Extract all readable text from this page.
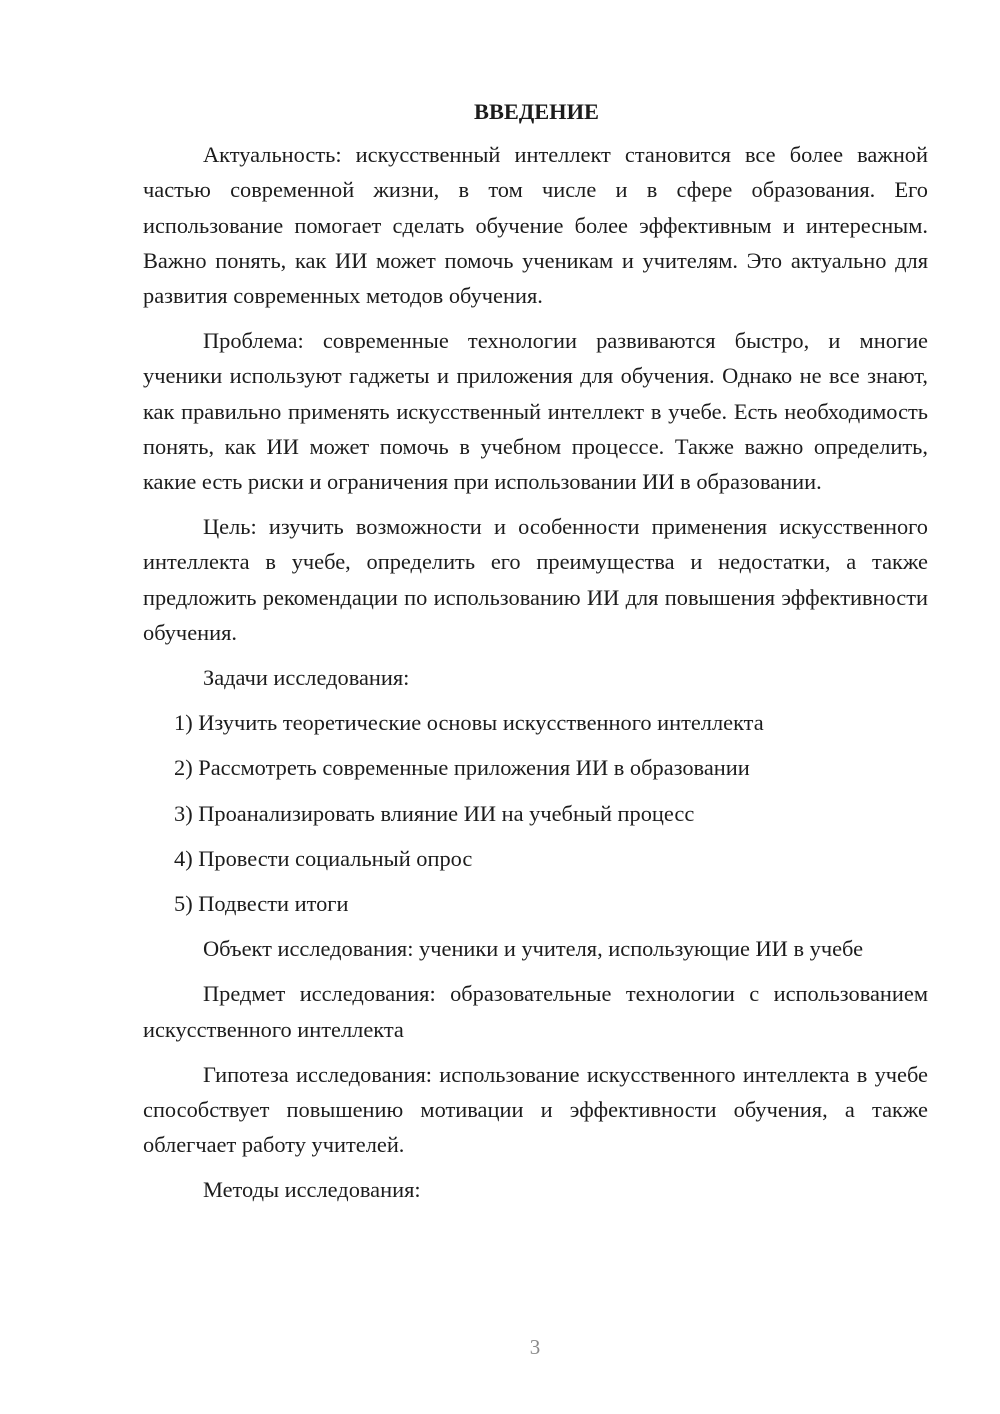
ВВЕДЕНИЕ

Актуальность: искусственный интеллект становится все более важной частью современной жизни, в том числе и в сфере образования. Его использование помогает сделать обучение более эффективным и интересным. Важно понять, как ИИ может помочь ученикам и учителям. Это актуально для развития современных методов обучения.

Проблема: современные технологии развиваются быстро, и многие ученики используют гаджеты и приложения для обучения. Однако не все знают, как правильно применять искусственный интеллект в учебе. Есть необходимость понять, как ИИ может помочь в учебном процессе. Также важно определить, какие есть риски и ограничения при использовании ИИ в образовании.

Цель: изучить возможности и особенности применения искусственного интеллекта в учебе, определить его преимущества и недостатки, а также предложить рекомендации по использованию ИИ для повышения эффективности обучения.

Задачи исследования:

1) Изучить теоретические основы искусственного интеллекта

2) Рассмотреть современные приложения ИИ в образовании

3) Проанализировать влияние ИИ на учебный процесс

4) Провести социальный опрос

5) Подвести итоги

Объект исследования: ученики и учителя, использующие ИИ в учебе

Предмет исследования: образовательные технологии с использованием искусственного интеллекта

Гипотеза исследования: использование искусственного интеллекта в учебе способствует повышению мотивации и эффективности обучения, а также облегчает работу учителей.

Методы исследования:

3
